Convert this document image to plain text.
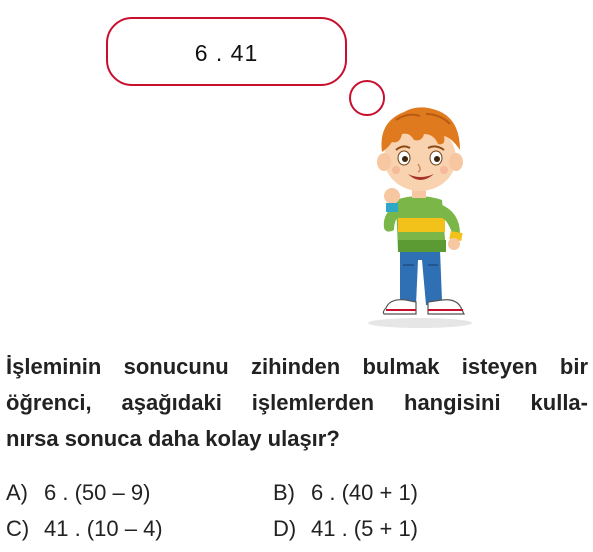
6 . 41
İşleminin sonucunu zihinden bulmak isteyen bir
öğrenci, aşağıdaki işlemlerden hangisini kulla-
nırsa sonuca daha kolay ulaşır?
A) 6 . (50 – 9)	B) 6 . (40 + 1)
C) 41 . (10 – 4)	D) 41 . (5 + 1)
